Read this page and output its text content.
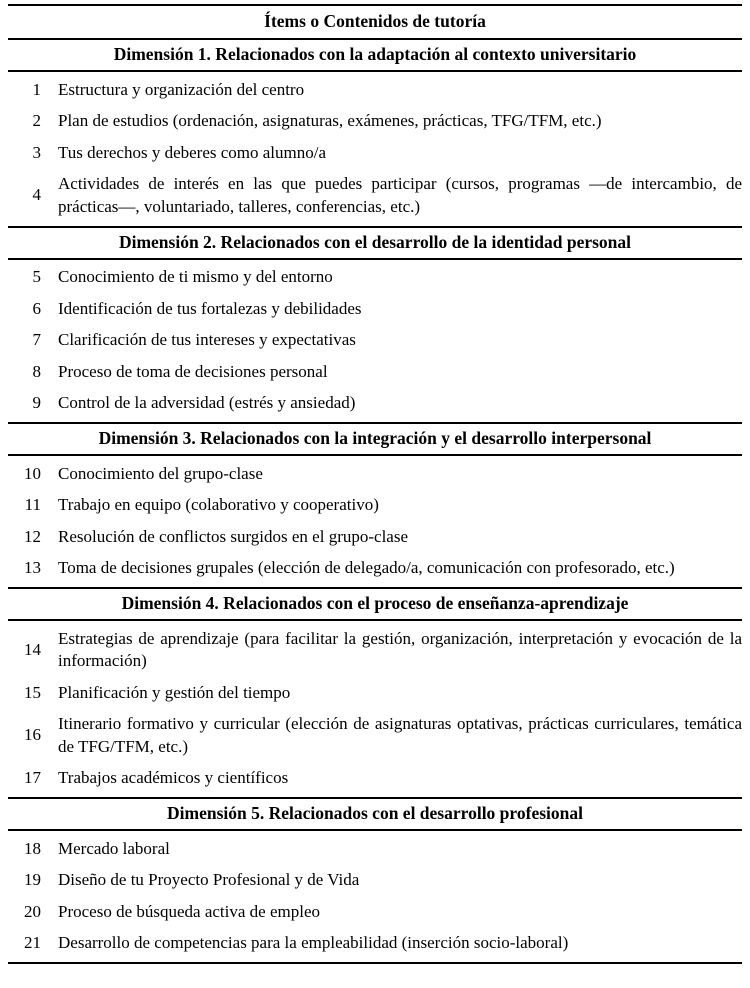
Ítems o Contenidos de tutoría
Dimensión 1. Relacionados con la adaptación al contexto universitario
1 Estructura y organización del centro
2 Plan de estudios (ordenación, asignaturas, exámenes, prácticas, TFG/TFM, etc.)
3 Tus derechos y deberes como alumno/a
4
Actividades de interés en las que puedes participar (cursos, programas —de intercambio, de prácticas—, voluntariado, talleres, conferencias, etc.)
Dimensión 2. Relacionados con el desarrollo de la identidad personal
5 Conocimiento de ti mismo y del entorno
6 Identificación de tus fortalezas y debilidades
7 Clarificación de tus intereses y expectativas
8 Proceso de toma de decisiones personal
9 Control de la adversidad (estrés y ansiedad)
Dimensión 3. Relacionados con la integración y el desarrollo interpersonal
10 Conocimiento del grupo-clase
11 Trabajo en equipo (colaborativo y cooperativo)
12 Resolución de conflictos surgidos en el grupo-clase
13 Toma de decisiones grupales (elección de delegado/a, comunicación con profesorado, etc.)
Dimensión 4. Relacionados con el proceso de enseñanza-aprendizaje
14
Estrategias de aprendizaje (para facilitar la gestión, organización, interpretación y evocación de la información)
15 Planificación y gestión del tiempo
16
Itinerario formativo y curricular (elección de asignaturas optativas, prácticas curriculares, temática de TFG/TFM, etc.)
17 Trabajos académicos y científicos
Dimensión 5. Relacionados con el desarrollo profesional
18 Mercado laboral
19 Diseño de tu Proyecto Profesional y de Vida
20 Proceso de búsqueda activa de empleo
21 Desarrollo de competencias para la empleabilidad (inserción socio-laboral)
